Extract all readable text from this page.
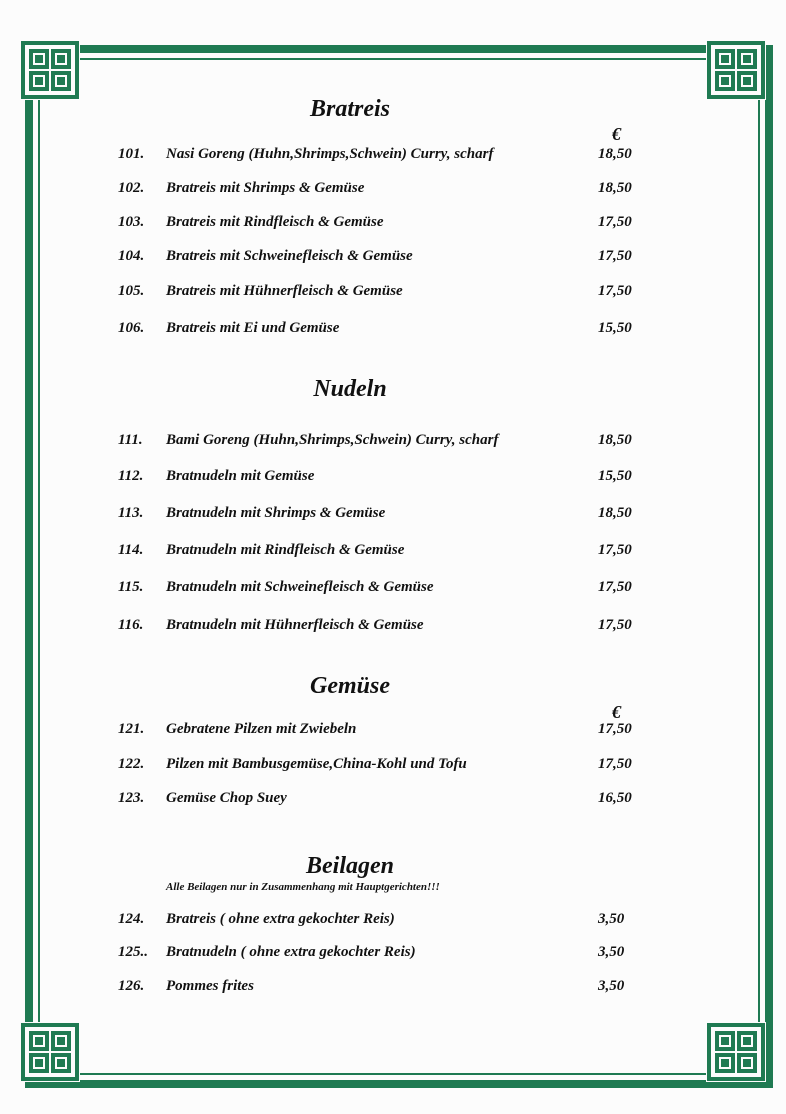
Bratreis
€
101. Nasi Goreng (Huhn,Shrimps,Schwein) Curry, scharf	18,50
102. Bratreis mit Shrimps & Gemüse	18,50
103. Bratreis mit Rindfleisch & Gemüse	17,50
104. Bratreis mit Schweinefleisch & Gemüse	17,50
105. Bratreis mit Hühnerfleisch & Gemüse	17,50
106. Bratreis mit Ei und Gemüse	15,50
Nudeln
111. Bami Goreng (Huhn,Shrimps,Schwein) Curry, scharf	18,50
112. Bratnudeln mit Gemüse	15,50
113. Bratnudeln mit Shrimps & Gemüse	18,50
114. Bratnudeln mit Rindfleisch & Gemüse	17,50
115. Bratnudeln mit Schweinefleisch & Gemüse	17,50
116. Bratnudeln mit Hühnerfleisch & Gemüse	17,50
Gemüse
€
121. Gebratene Pilzen mit Zwiebeln	17,50
122. Pilzen mit Bambusgemüse,China-Kohl und Tofu	17,50
123. Gemüse Chop Suey	16,50
Beilagen
Alle Beilagen nur in Zusammenhang mit Hauptgerichten!!!
124. Bratreis ( ohne extra gekochter Reis)	3,50
125.. Bratnudeln ( ohne extra gekochter Reis)	3,50
126. Pommes frites	3,50
